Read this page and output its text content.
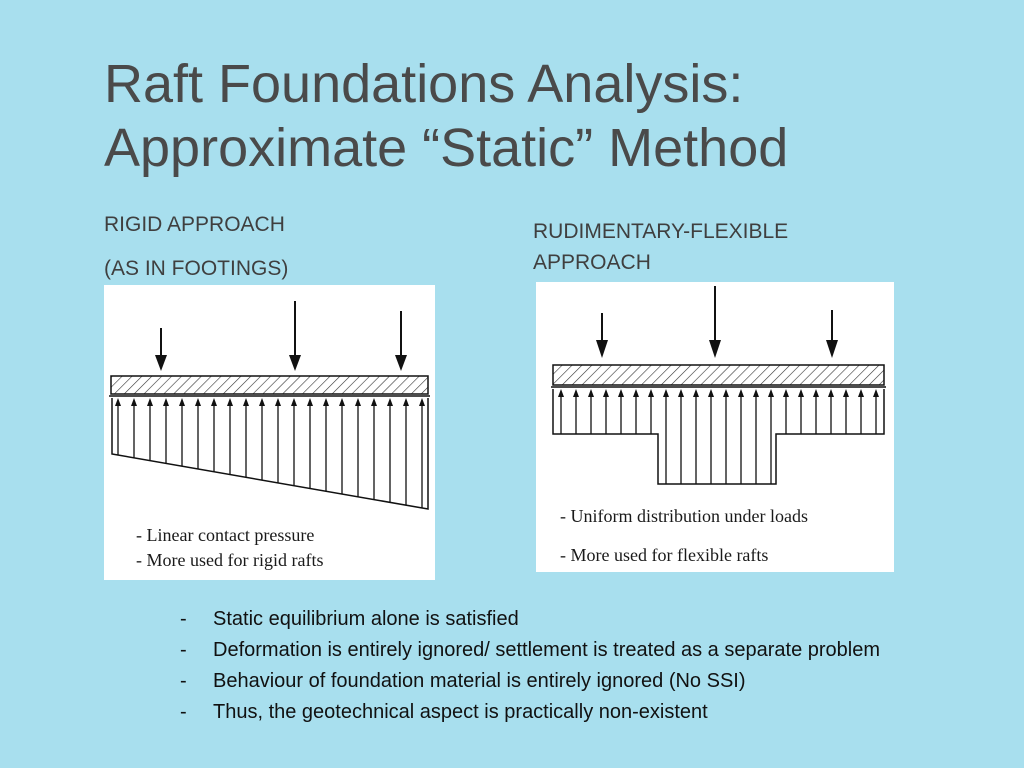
Raft Foundations Analysis:
Approximate “Static” Method
RIGID APPROACH
(AS IN FOOTINGS)
RUDIMENTARY-FLEXIBLE
APPROACH
- Linear contact pressure
- More used for rigid rafts
- Uniform distribution under loads
- More used for flexible rafts
- Static equilibrium alone is satisfied
- Deformation is entirely ignored/ settlement is treated as a separate problem
- Behaviour of foundation material is entirely ignored (No SSI)
- Thus, the geotechnical aspect is practically non-existent
